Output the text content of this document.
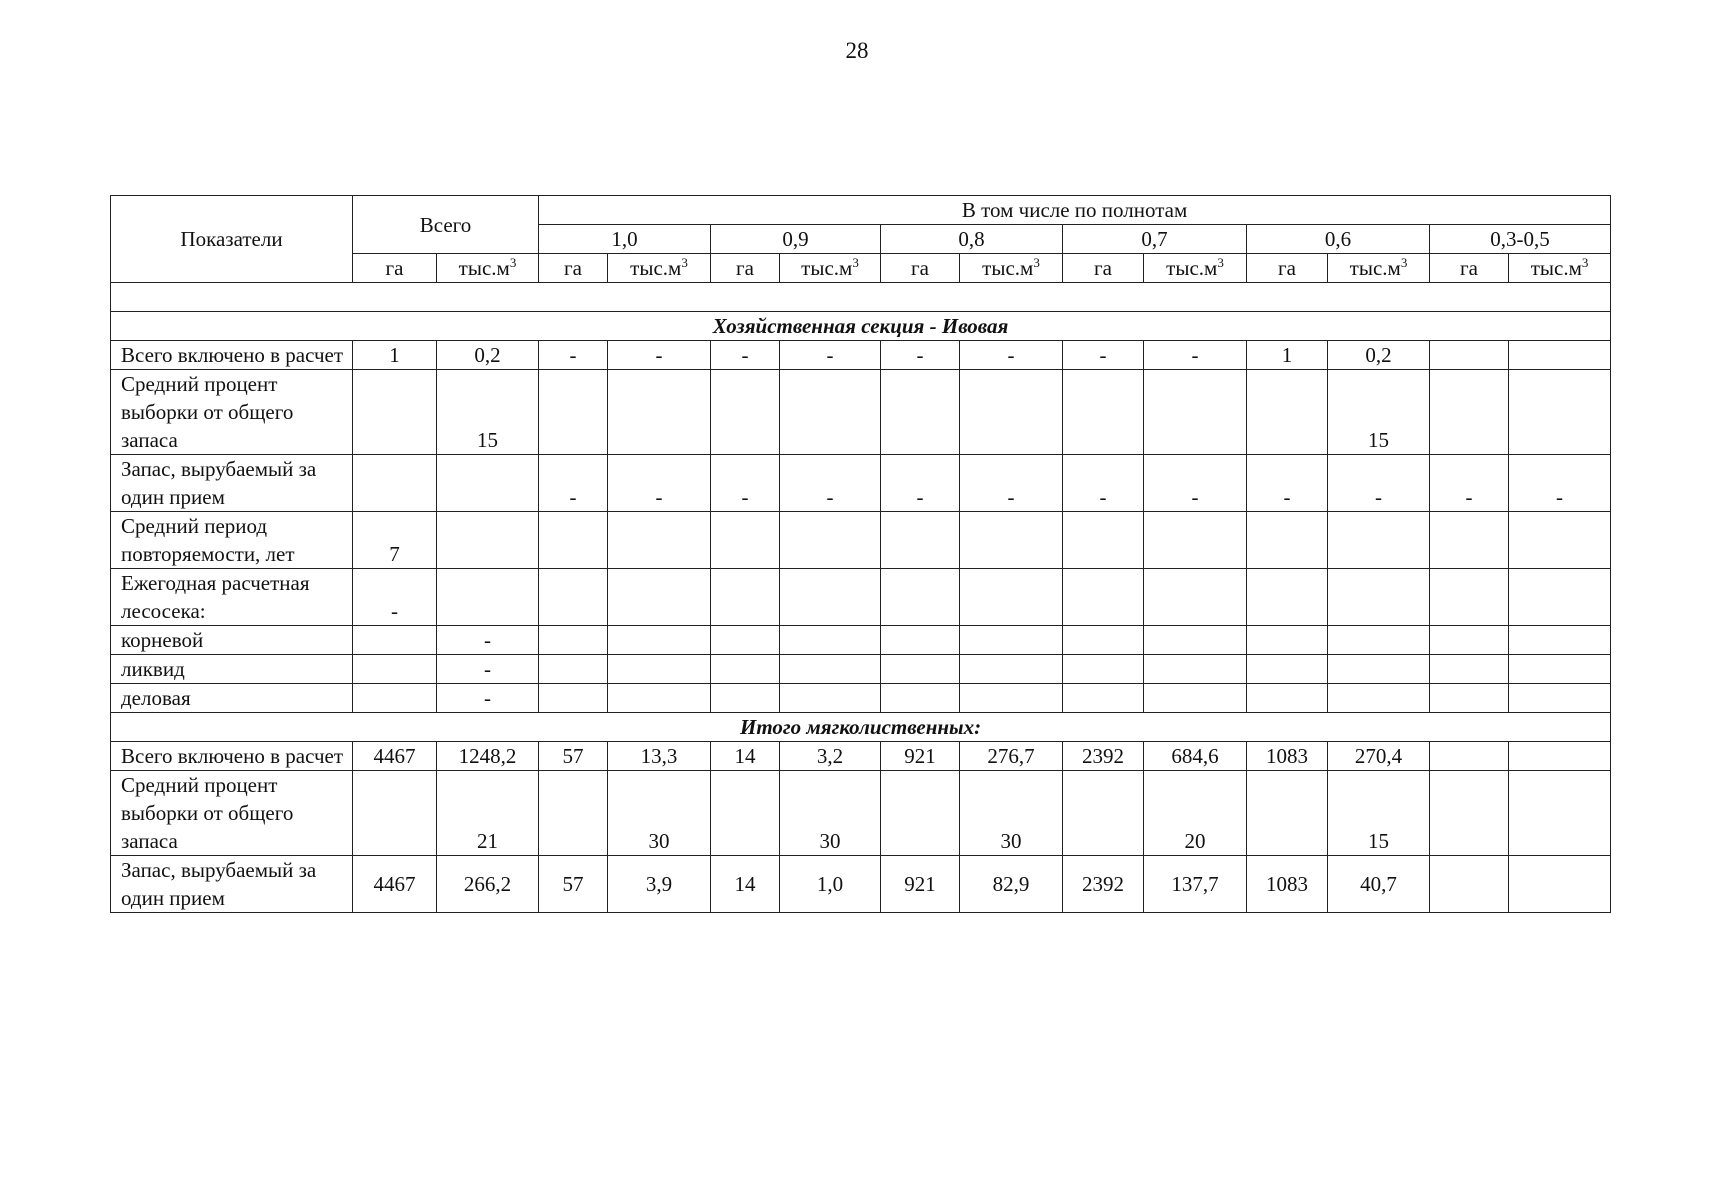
28
Показатели	Всего		В том числе по полнотам											
			1,0		0,9		0,8		0,7		0,6		0,3-0,5	
	га	$тыс.м^3$	га	$тыс.м^3$	га	$тыс.м^3$	га	$тыс.м^3$	га	$тыс.м^3$	га	$тыс.м^3$	га	$тыс.м^3$

Хозяйственная секция - Ивовая														
Всего включено в расчет	1	0,2	-	-	-	-	-	-	-	-	1	0,2		
Средний процент выборки от общего запаса		15										15		
Запас, вырубаемый за один прием			-	-	-	-	-	-	-	-	-	-	-	-
Средний период повторяемости, лет	7													
Ежегодная расчетная лесосека:	-													
корневой		-												
ликвид		-												
деловая		-												
Итого мягколиственных:														
Всего включено в расчет	4467	1248,2	57	13,3	14	3,2	921	276,7	2392	684,6	1083	270,4		
Средний процент выборки от общего запаса		21		30		30		30		20		15		
Запас, вырубаемый за один прием	4467	266,2	57	3,9	14	1,0	921	82,9	2392	137,7	1083	40,7		
